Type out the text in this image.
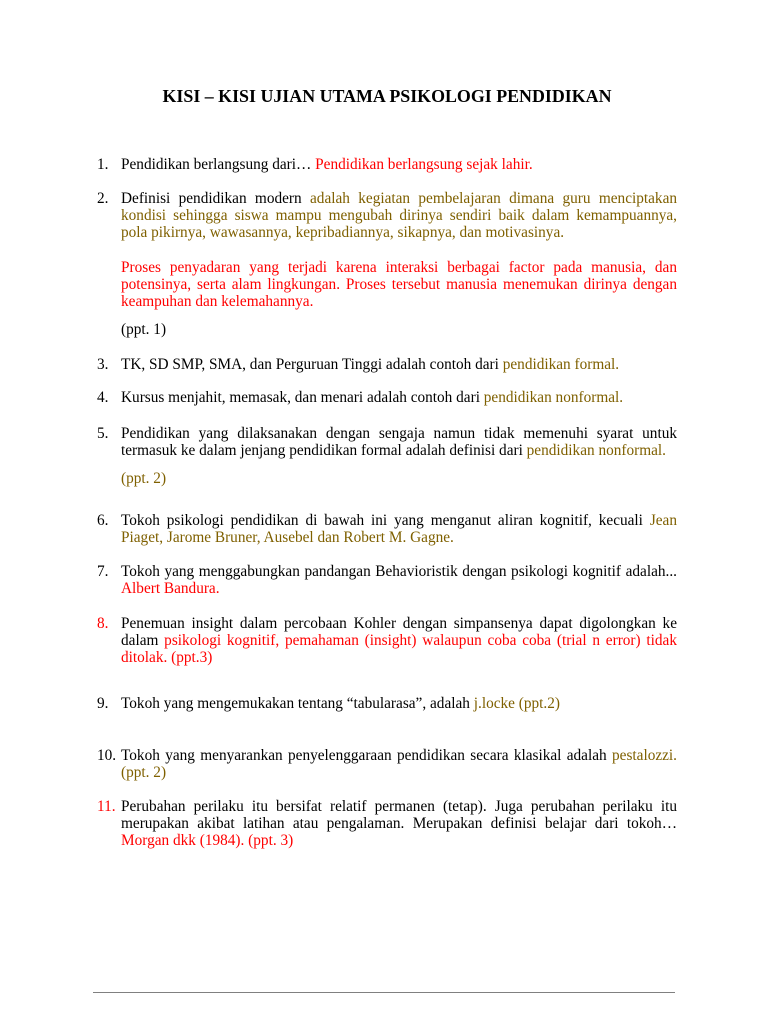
KISI – KISI UJIAN UTAMA PSIKOLOGI PENDIDIKAN
1. Pendidikan berlangsung dari… Pendidikan berlangsung sejak lahir.
2. Definisi pendidikan modern adalah kegiatan pembelajaran dimana guru menciptakan
kondisi sehingga siswa mampu mengubah dirinya sendiri baik dalam kemampuannya,
pola pikirnya, wawasannya, kepribadiannya, sikapnya, dan motivasinya.
Proses penyadaran yang terjadi karena interaksi berbagai factor pada manusia, dan
potensinya, serta alam lingkungan. Proses tersebut manusia menemukan dirinya dengan
keampuhan dan kelemahannya.
(ppt. 1)
3. TK, SD SMP, SMA, dan Perguruan Tinggi adalah contoh dari pendidikan formal.
4. Kursus menjahit, memasak, dan menari adalah contoh dari pendidikan nonformal.
5. Pendidikan yang dilaksanakan dengan sengaja namun tidak memenuhi syarat untuk
termasuk ke dalam jenjang pendidikan formal adalah definisi dari pendidikan nonformal.
(ppt. 2)
6. Tokoh psikologi pendidikan di bawah ini yang menganut aliran kognitif, kecuali Jean
Piaget, Jarome Bruner, Ausebel dan Robert M. Gagne.
7. Tokoh yang menggabungkan pandangan Behavioristik dengan psikologi kognitif adalah...
Albert Bandura.
8. Penemuan insight dalam percobaan Kohler dengan simpansenya dapat digolongkan ke
dalam psikologi kognitif, pemahaman (insight) walaupun coba coba (trial n error) tidak
ditolak. (ppt.3)
9. Tokoh yang mengemukakan tentang “tabularasa”, adalah j.locke (ppt.2)
10. Tokoh yang menyarankan penyelenggaraan pendidikan secara klasikal adalah pestalozzi.
(ppt. 2)
11. Perubahan perilaku itu bersifat relatif permanen (tetap). Juga perubahan perilaku itu
merupakan akibat latihan atau pengalaman. Merupakan definisi belajar dari tokoh…
Morgan dkk (1984). (ppt. 3)
